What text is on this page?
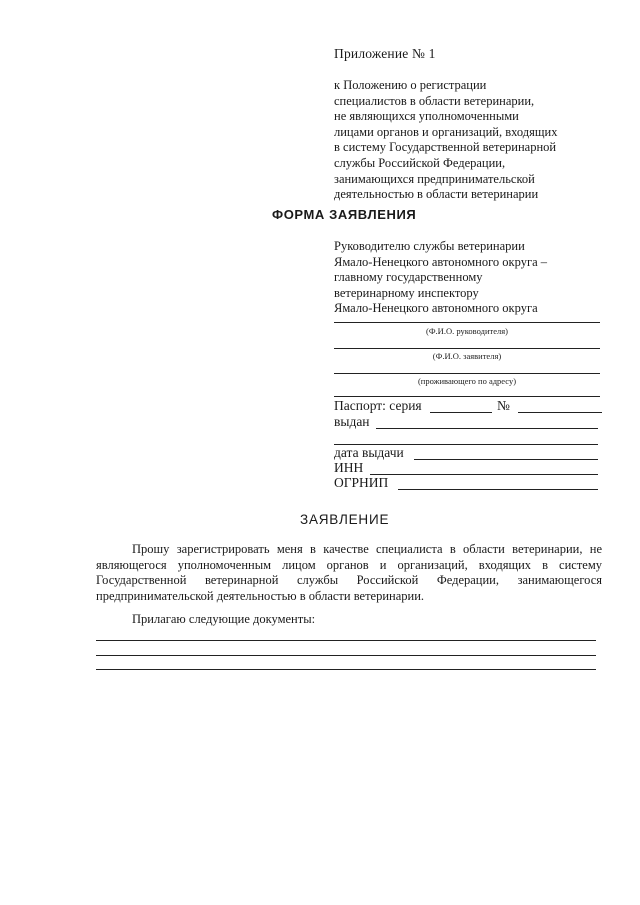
Приложение № 1
к Положению о регистрации
специалистов в области ветеринарии,
не являющихся уполномоченными
лицами органов и организаций, входящих
в систему Государственной ветеринарной
службы Российской Федерации,
занимающихся предпринимательской
деятельностью в области ветеринарии
ФОРМА ЗАЯВЛЕНИЯ
Руководителю службы ветеринарии
Ямало-Ненецкого автономного округа –
главному государственному
ветеринарному инспектору
Ямало-Ненецкого автономного округа
(Ф.И.О. руководителя)
(Ф.И.О. заявителя)
(проживающего по адресу)
Паспорт: серия	№
выдан
дата выдачи
ИНН
ОГРНИП
ЗАЯВЛЕНИЕ
Прошу зарегистрировать меня в качестве специалиста в области ветеринарии, не являющегося уполномоченным лицом органов и организаций, входящих в систему Государственной ветеринарной службы Российской Федерации, занимающегося предпринимательской деятельностью в области ветеринарии.
Прилагаю следующие документы:
